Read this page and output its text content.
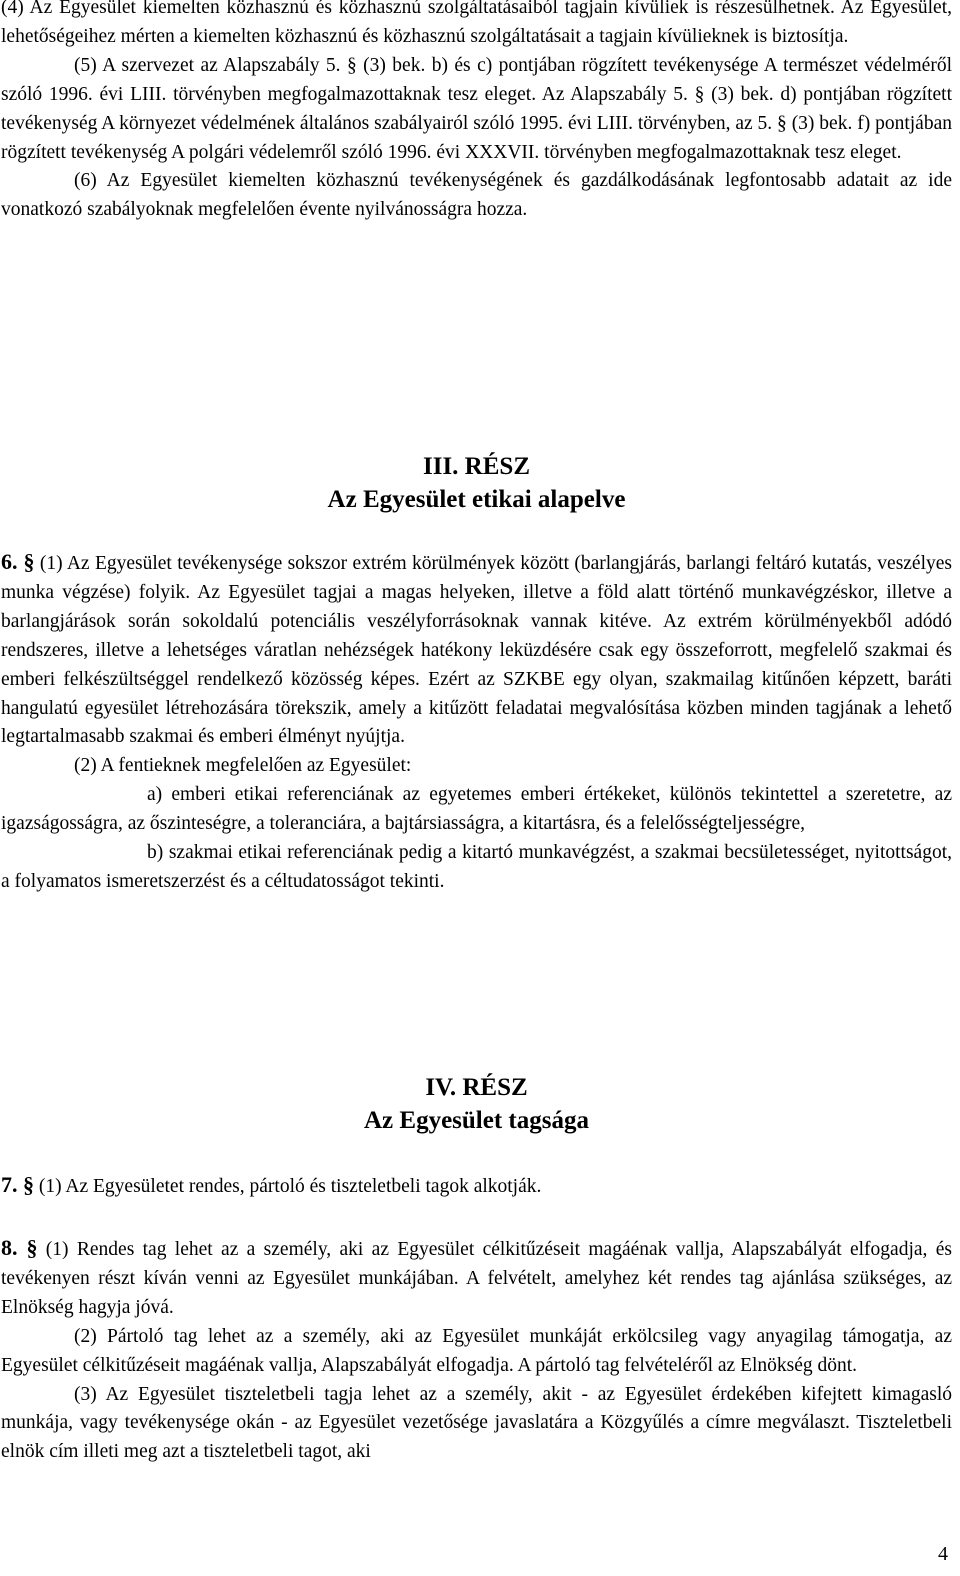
(4) Az Egyesület kiemelten közhasznú és közhasznú szolgáltatásaiból tagjain kívüliek is részesülhetnek. Az Egyesület, lehetőségeihez mérten a kiemelten közhasznú és közhasznú szolgáltatásait a tagjain kívülieknek is biztosítja.

(5) A szervezet az Alapszabály 5. § (3) bek. b) és c) pontjában rögzített tevékenysége A természet védelméről szóló 1996. évi LIII. törvényben megfogalmazottaknak tesz eleget. Az Alapszabály 5. § (3) bek. d) pontjában rögzített tevékenység A környezet védelmének általános szabályairól szóló 1995. évi LIII. törvényben, az 5. § (3) bek. f) pontjában rögzített tevékenység A polgári védelemről szóló 1996. évi XXXVII. törvényben megfogalmazottaknak tesz eleget.

(6) Az Egyesület kiemelten közhasznú tevékenységének és gazdálkodásának legfontosabb adatait az ide vonatkozó szabályoknak megfelelően évente nyilvánosságra hozza.

III. RÉSZ
Az Egyesület etikai alapelve

6. § (1) Az Egyesület tevékenysége sokszor extrém körülmények között (barlangjárás, barlangi feltáró kutatás, veszélyes munka végzése) folyik. Az Egyesület tagjai a magas helyeken, illetve a föld alatt történő munkavégzéskor, illetve a barlangjárások során sokoldalú potenciális veszélyforrásoknak vannak kitéve. Az extrém körülményekből adódó rendszeres, illetve a lehetséges váratlan nehézségek hatékony leküzdésére csak egy összeforrott, megfelelő szakmai és emberi felkészültséggel rendelkező közösség képes. Ezért az SZKBE egy olyan, szakmailag kitűnően képzett, baráti hangulatú egyesület létrehozására törekszik, amely a kitűzött feladatai megvalósítása közben minden tagjának a lehető legtartalmasabb szakmai és emberi élményt nyújtja.

(2) A fentieknek megfelelően az Egyesület:

a) emberi etikai referenciának az egyetemes emberi értékeket, különös tekintettel a szeretetre, az igazságosságra, az őszinteségre, a toleranciára, a bajtársiasságra, a kitartásra, és a felelősségteljességre,

b) szakmai etikai referenciának pedig a kitartó munkavégzést, a szakmai becsületességet, nyitottságot, a folyamatos ismeretszerzést és a céltudatosságot tekinti.

IV. RÉSZ
Az Egyesület tagsága

7. § (1) Az Egyesületet rendes, pártoló és tiszteletbeli tagok alkotják.

8. § (1) Rendes tag lehet az a személy, aki az Egyesület célkitűzéseit magáénak vallja, Alapszabályát elfogadja, és tevékenyen részt kíván venni az Egyesület munkájában. A felvételt, amelyhez két rendes tag ajánlása szükséges, az Elnökség hagyja jóvá.

(2) Pártoló tag lehet az a személy, aki az Egyesület munkáját erkölcsileg vagy anyagilag támogatja, az Egyesület célkitűzéseit magáénak vallja, Alapszabályát elfogadja. A pártoló tag felvételéről az Elnökség dönt.

(3) Az Egyesület tiszteletbeli tagja lehet az a személy, akit - az Egyesület érdekében kifejtett kimagasló munkája, vagy tevékenysége okán - az Egyesület vezetősége javaslatára a Közgyűlés a címre megválaszt. Tiszteletbeli elnök cím illeti meg azt a tiszteletbeli tagot, aki

4
